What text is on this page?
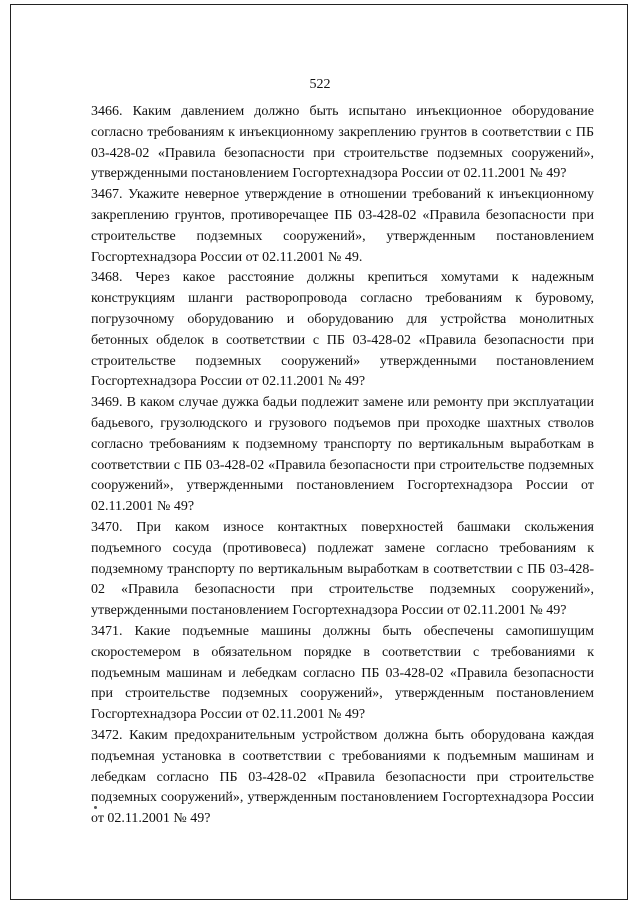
522

3466. Каким давлением должно быть испытано инъекционное оборудование согласно требованиям к инъекционному закреплению грунтов в соответствии с ПБ 03-428-02 «Правила безопасности при строительстве подземных сооружений», утвержденными постановлением Госгортехнадзора России от 02.11.2001 № 49?

3467. Укажите неверное утверждение в отношении требований к инъекционному закреплению грунтов, противоречащее ПБ 03-428-02 «Правила безопасности при строительстве подземных сооружений», утвержденным постановлением Госгортехнадзора России от 02.11.2001 № 49.

3468. Через какое расстояние должны крепиться хомутами к надежным конструкциям шланги растворопровода согласно требованиям к буровому, погрузочному оборудованию и оборудованию для устройства монолитных бетонных обделок в соответствии с ПБ 03-428-02 «Правила безопасности при строительстве подземных сооружений» утвержденными постановлением Госгортехнадзора России от 02.11.2001 № 49?

3469. В каком случае дужка бадьи подлежит замене или ремонту при эксплуатации бадьевого, грузолюдского и грузового подъемов при проходке шахтных стволов согласно требованиям к подземному транспорту по вертикальным выработкам в соответствии с ПБ 03-428-02 «Правила безопасности при строительстве подземных сооружений», утвержденными постановлением Госгортехнадзора России от 02.11.2001 № 49?

3470. При каком износе контактных поверхностей башмаки скольжения подъемного сосуда (противовеса) подлежат замене согласно требованиям к подземному транспорту по вертикальным выработкам в соответствии с ПБ 03-428-02 «Правила безопасности при строительстве подземных сооружений», утвержденными постановлением Госгортехнадзора России от 02.11.2001 № 49?

3471. Какие подъемные машины должны быть обеспечены самопишущим скоростемером в обязательном порядке в соответствии с требованиями к подъемным машинам и лебедкам согласно ПБ 03-428-02 «Правила безопасности при строительстве подземных сооружений», утвержденным постановлением Госгортехнадзора России от 02.11.2001 № 49?

3472. Каким предохранительным устройством должна быть оборудована каждая подъемная установка в соответствии с требованиями к подъемным машинам и лебедкам согласно ПБ 03-428-02 «Правила безопасности при строительстве подземных сооружений», утвержденным постановлением Госгортехнадзора России от 02.11.2001 № 49?
